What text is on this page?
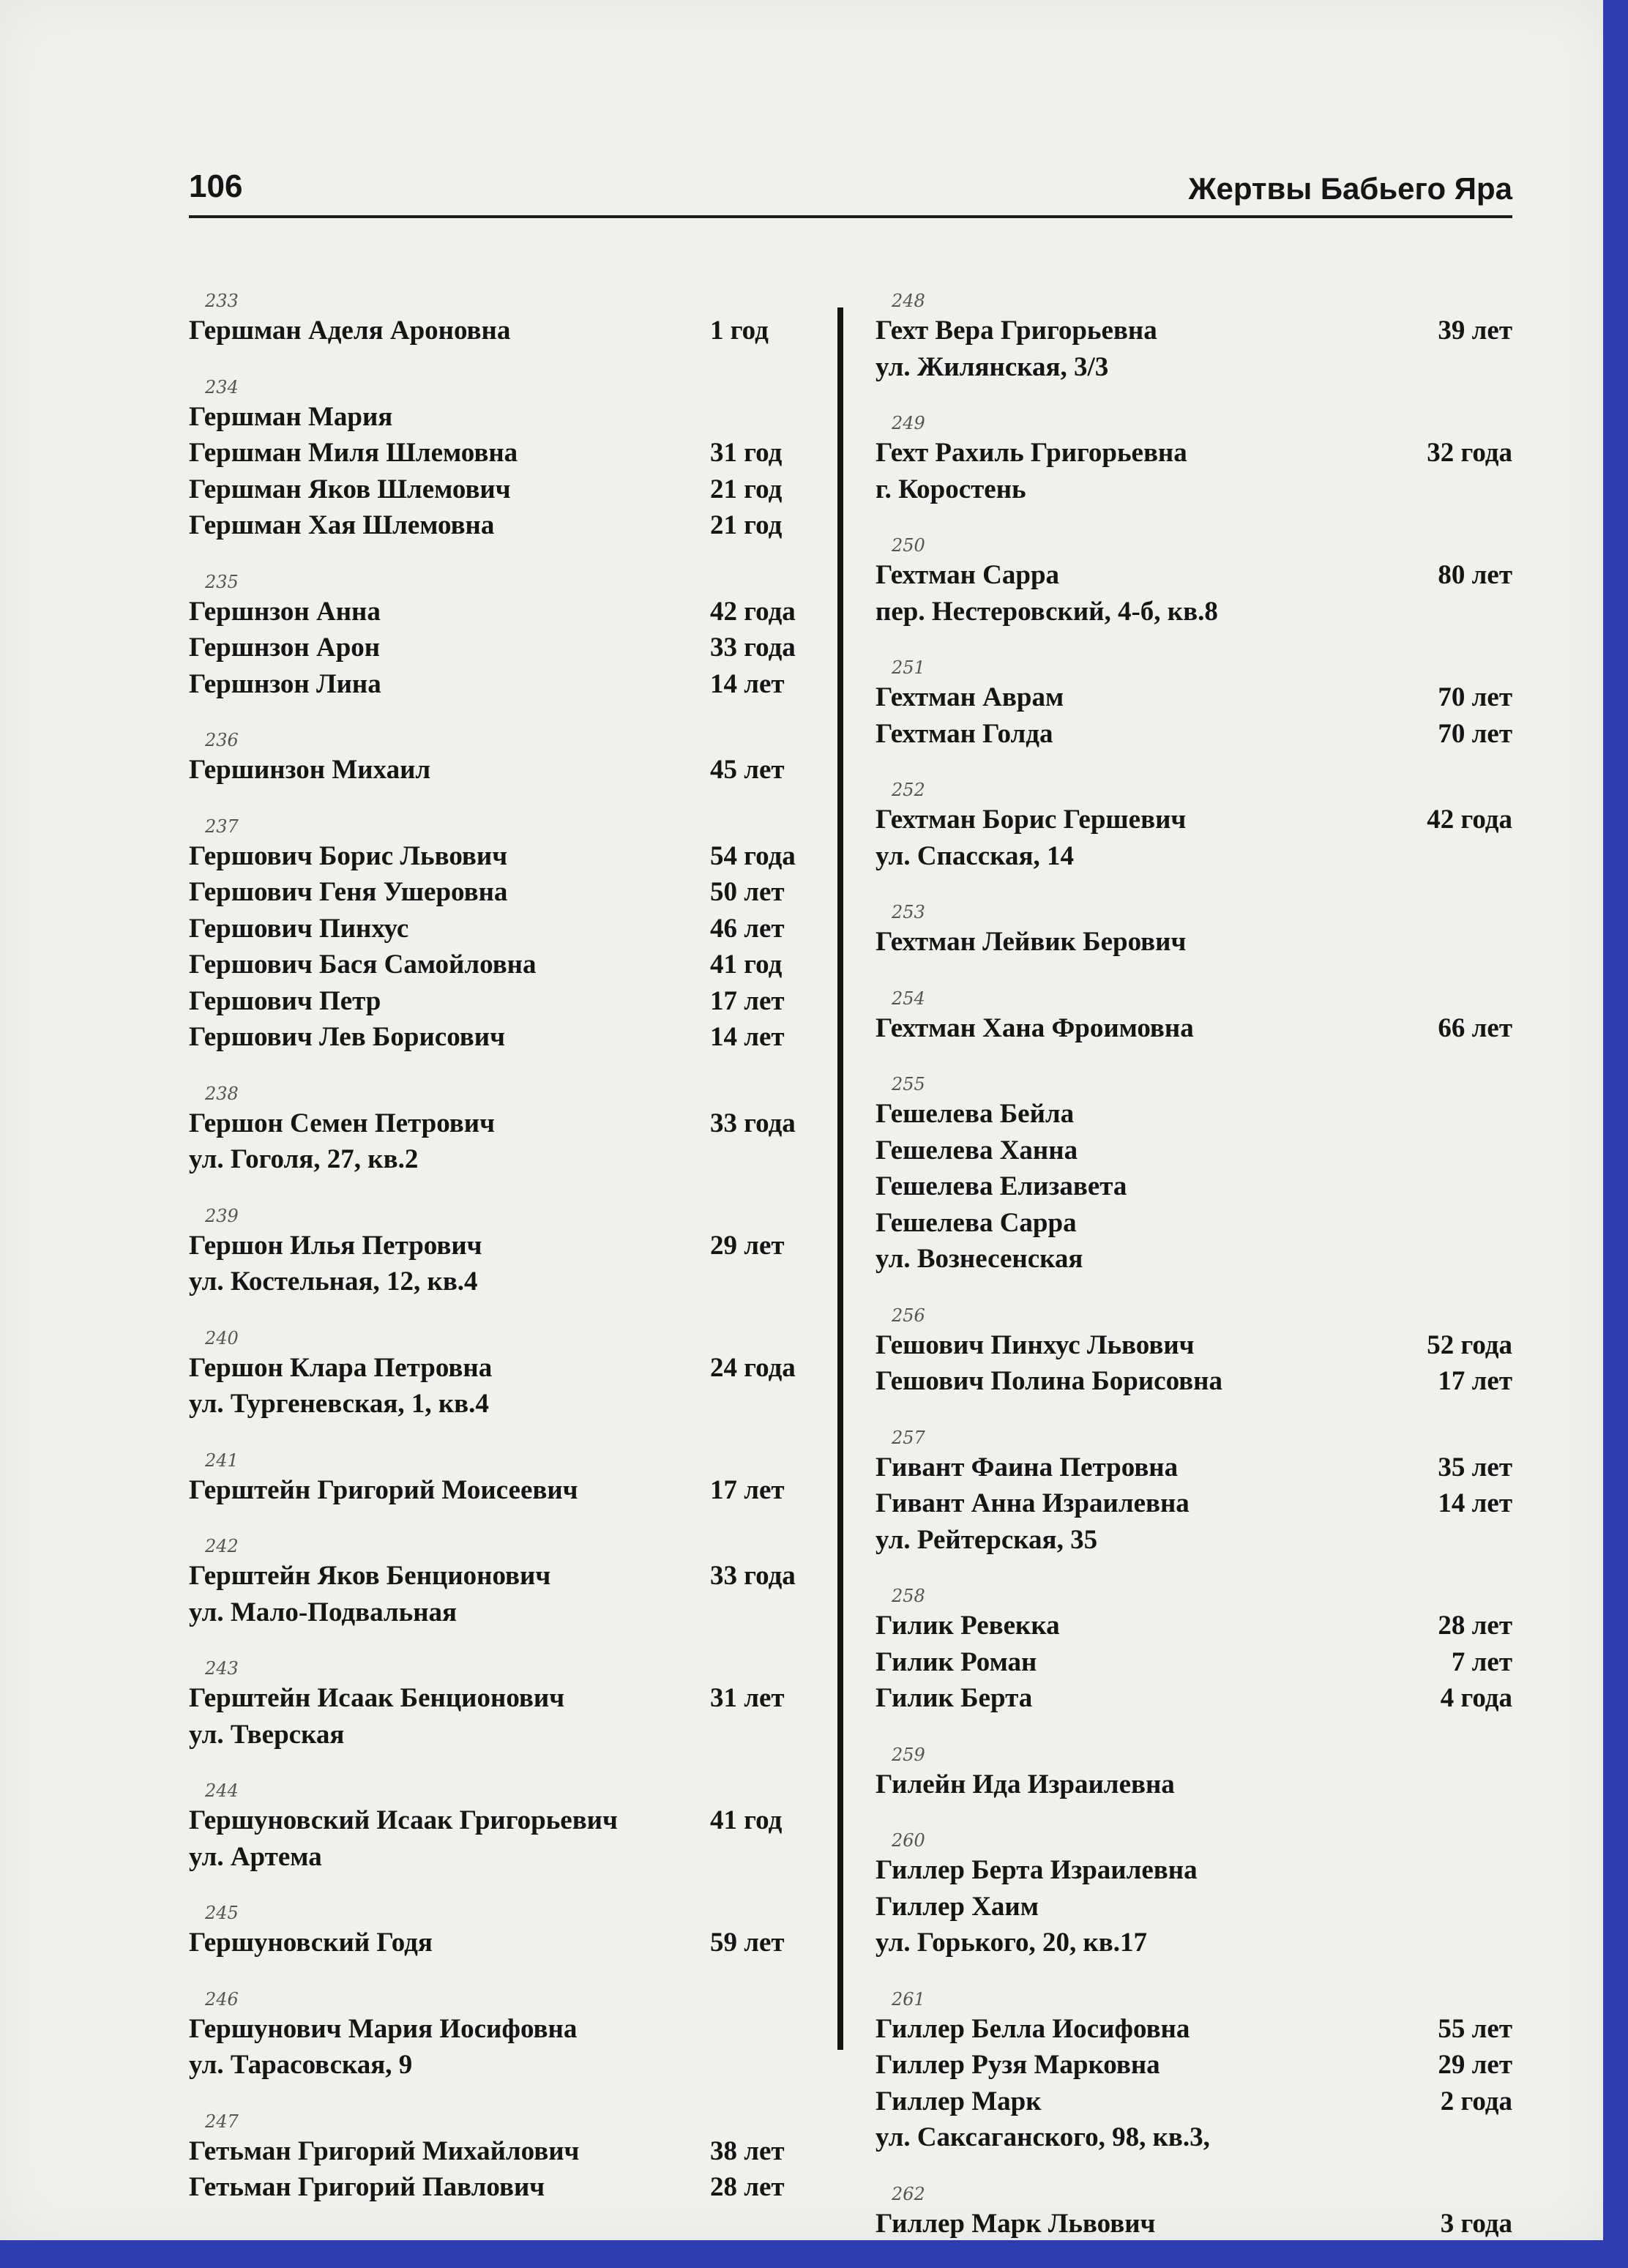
106	Жертвы Бабьего Яра
233
Гершман Аделя Ароновна	1 год
234
Гершман Мария
Гершман Миля Шлемовна	31 год
Гершман Яков Шлемович	21 год
Гершман Хая Шлемовна	21 год
235
Гершнзон Анна	42 года
Гершнзон Арон	33 года
Гершнзон Лина	14 лет
236
Гершинзон Михаил	45 лет
237
Гершович Борис Львович	54 года
Гершович Геня Ушеровна	50 лет
Гершович Пинхус	46 лет
Гершович Бася Самойловна	41 год
Гершович Петр	17 лет
Гершович Лев Борисович	14 лет
238
Гершон Семен Петрович	33 года
ул. Гоголя, 27, кв.2
239
Гершон Илья Петрович	29 лет
ул. Костельная, 12, кв.4
240
Гершон Клара Петровна	24 года
ул. Тургеневская, 1, кв.4
241
Герштейн Григорий Моисеевич	17 лет
242
Герштейн Яков Бенционович	33 года
ул. Мало-Подвальная
243
Герштейн Исаак Бенционович	31 лет
ул. Тверская
244
Гершуновский Исаак Григорьевич	41 год
ул. Артема
245
Гершуновский Годя	59 лет
246
Гершунович Мария Иосифовна
ул. Тарасовская, 9
247
Гетьман Григорий Михайлович	38 лет
Гетьман Григорий Павлович	28 лет
248
Гехт Вера Григорьевна	39 лет
ул. Жилянская, 3/3
249
Гехт Рахиль Григорьевна	32 года
г. Коростень
250
Гехтман Сарра	80 лет
пер. Нестеровский, 4-б, кв.8
251
Гехтман Аврам	70 лет
Гехтман Голда	70 лет
252
Гехтман Борис Гершевич	42 года
ул. Спасская, 14
253
Гехтман Лейвик Берович
254
Гехтман Хана Фроимовна	66 лет
255
Гешелева Бейла
Гешелева Ханна
Гешелева Елизавета
Гешелева Сарра
ул. Вознесенская
256
Гешович Пинхус Львович	52 года
Гешович Полина Борисовна	17 лет
257
Гивант Фаина Петровна	35 лет
Гивант Анна Израилевна	14 лет
ул. Рейтерская, 35
258
Гилик Ревекка	28 лет
Гилик Роман	7 лет
Гилик Берта	4 года
259
Гилейн Ида Израилевна
260
Гиллер Берта Израилевна
Гиллер Хаим
ул. Горького, 20, кв.17
261
Гиллер Белла Иосифовна	55 лет
Гиллер Рузя Марковна	29 лет
Гиллер Марк	2 года
ул. Саксаганского, 98, кв.3,
262
Гиллер Марк Львович	3 года
